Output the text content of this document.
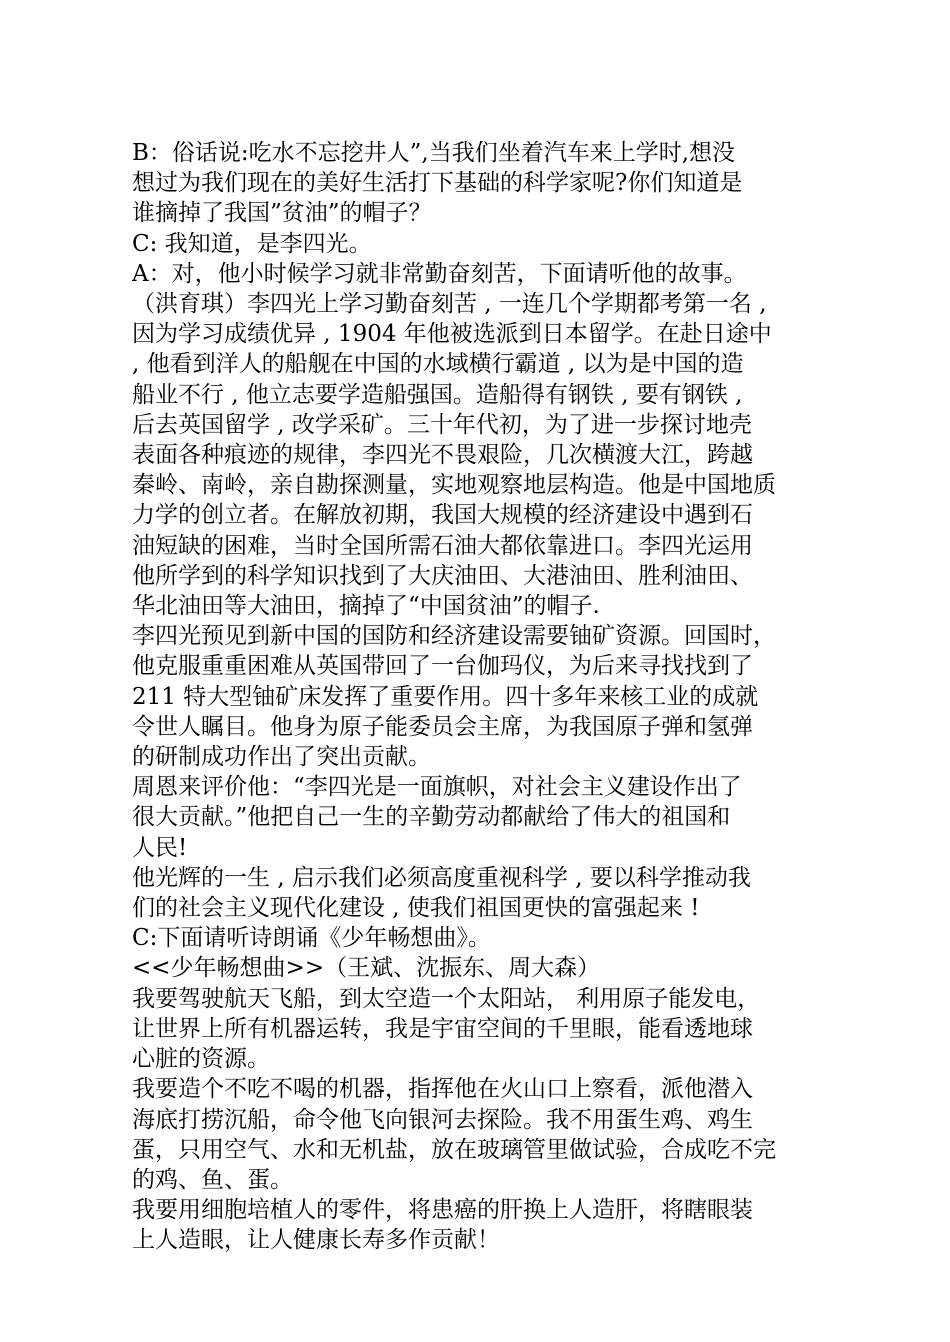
B：俗话说:吃水不忘挖井人”,当我们坐着汽车来上学时,想没
想过为我们现在的美好生活打下基础的科学家呢?你们知道是
谁摘掉了我国”贫油”的帽子？
C: 我知道，是李四光。
A：对，他小时候学习就非常勤奋刻苦，下面请听他的故事。
（洪育琪）李四光上学习勤奋刻苦 , 一连几个学期都考第一名 ,
因为学习成绩优异 , 1904 年他被选派到日本留学。在赴日途中
, 他看到洋人的船舰在中国的水域横行霸道 , 以为是中国的造
船业不行 , 他立志要学造船强国。造船得有钢铁 , 要有钢铁 ,
后去英国留学 , 改学采矿。三十年代初，为了进一步探讨地壳
表面各种痕迹的规律，李四光不畏艰险，几次横渡大江，跨越
秦岭、南岭，亲自勘探测量，实地观察地层构造。他是中国地质
力学的创立者。在解放初期，我国大规模的经济建设中遇到石
油短缺的困难，当时全国所需石油大都依靠进口。李四光运用
他所学到的科学知识找到了大庆油田、大港油田、胜利油田、
华北油田等大油田，摘掉了“中国贫油”的帽子.
李四光预见到新中国的国防和经济建设需要铀矿资源。回国时，
他克服重重困难从英国带回了一台伽玛仪，为后来寻找找到了
211 特大型铀矿床发挥了重要作用。四十多年来核工业的成就
令世人瞩目。他身为原子能委员会主席，为我国原子弹和氢弹
的研制成功作出了突出贡献。
周恩来评价他：“李四光是一面旗帜，对社会主义建设作出了
很大贡献。”他把自己一生的辛勤劳动都献给了伟大的祖国和
人民!
他光辉的一生 , 启示我们必须高度重视科学 , 要以科学推动我
们的社会主义现代化建设 , 使我们祖国更快的富强起来 !
C:下面请听诗朗诵《少年畅想曲》。
<<少年畅想曲>>（王斌、沈振东、周大森）
我要驾驶航天飞船，到太空造一个太阳站， 利用原子能发电，
让世界上所有机器运转，我是宇宙空间的千里眼，能看透地球
心脏的资源。
我要造个不吃不喝的机器，指挥他在火山口上察看，派他潜入
海底打捞沉船，命令他飞向银河去探险。我不用蛋生鸡、鸡生
蛋，只用空气、水和无机盐，放在玻璃管里做试验，合成吃不完
的鸡、鱼、蛋。
我要用细胞培植人的零件，将患癌的肝换上人造肝，将瞎眼装
上人造眼，让人健康长寿多作贡献！
